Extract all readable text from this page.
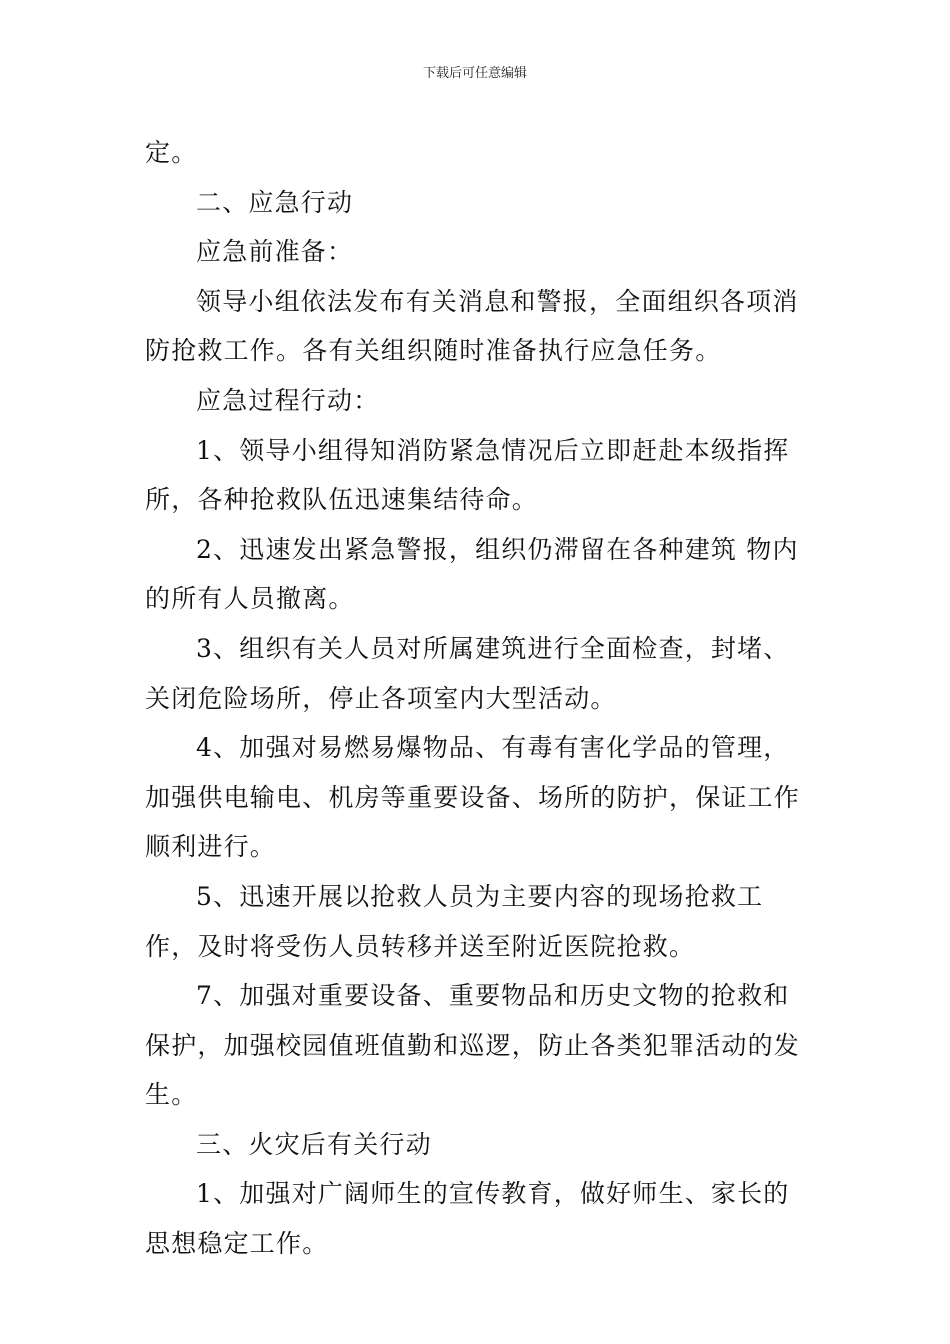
下载后可任意编辑

定。

二、应急行动

应急前准备：

领导小组依法发布有关消息和警报，全面组织各项消防抢救工作。各有关组织随时准备执行应急任务。

应急过程行动：

1、领导小组得知消防紧急情况后立即赶赴本级指挥所，各种抢救队伍迅速集结待命。

2、迅速发出紧急警报，组织仍滞留在各种建筑 物内的所有人员撤离。

3、组织有关人员对所属建筑进行全面检查，封堵、关闭危险场所，停止各项室内大型活动。

4、加强对易燃易爆物品、有毒有害化学品的管理，加强供电输电、机房等重要设备、场所的防护，保证工作顺利进行。

5、迅速开展以抢救人员为主要内容的现场抢救工作，及时将受伤人员转移并送至附近医院抢救。

7、加强对重要设备、重要物品和历史文物的抢救和保护，加强校园值班值勤和巡逻，防止各类犯罪活动的发生。

三、火灾后有关行动

1、加强对广阔师生的宣传教育，做好师生、家长的思想稳定工作。
